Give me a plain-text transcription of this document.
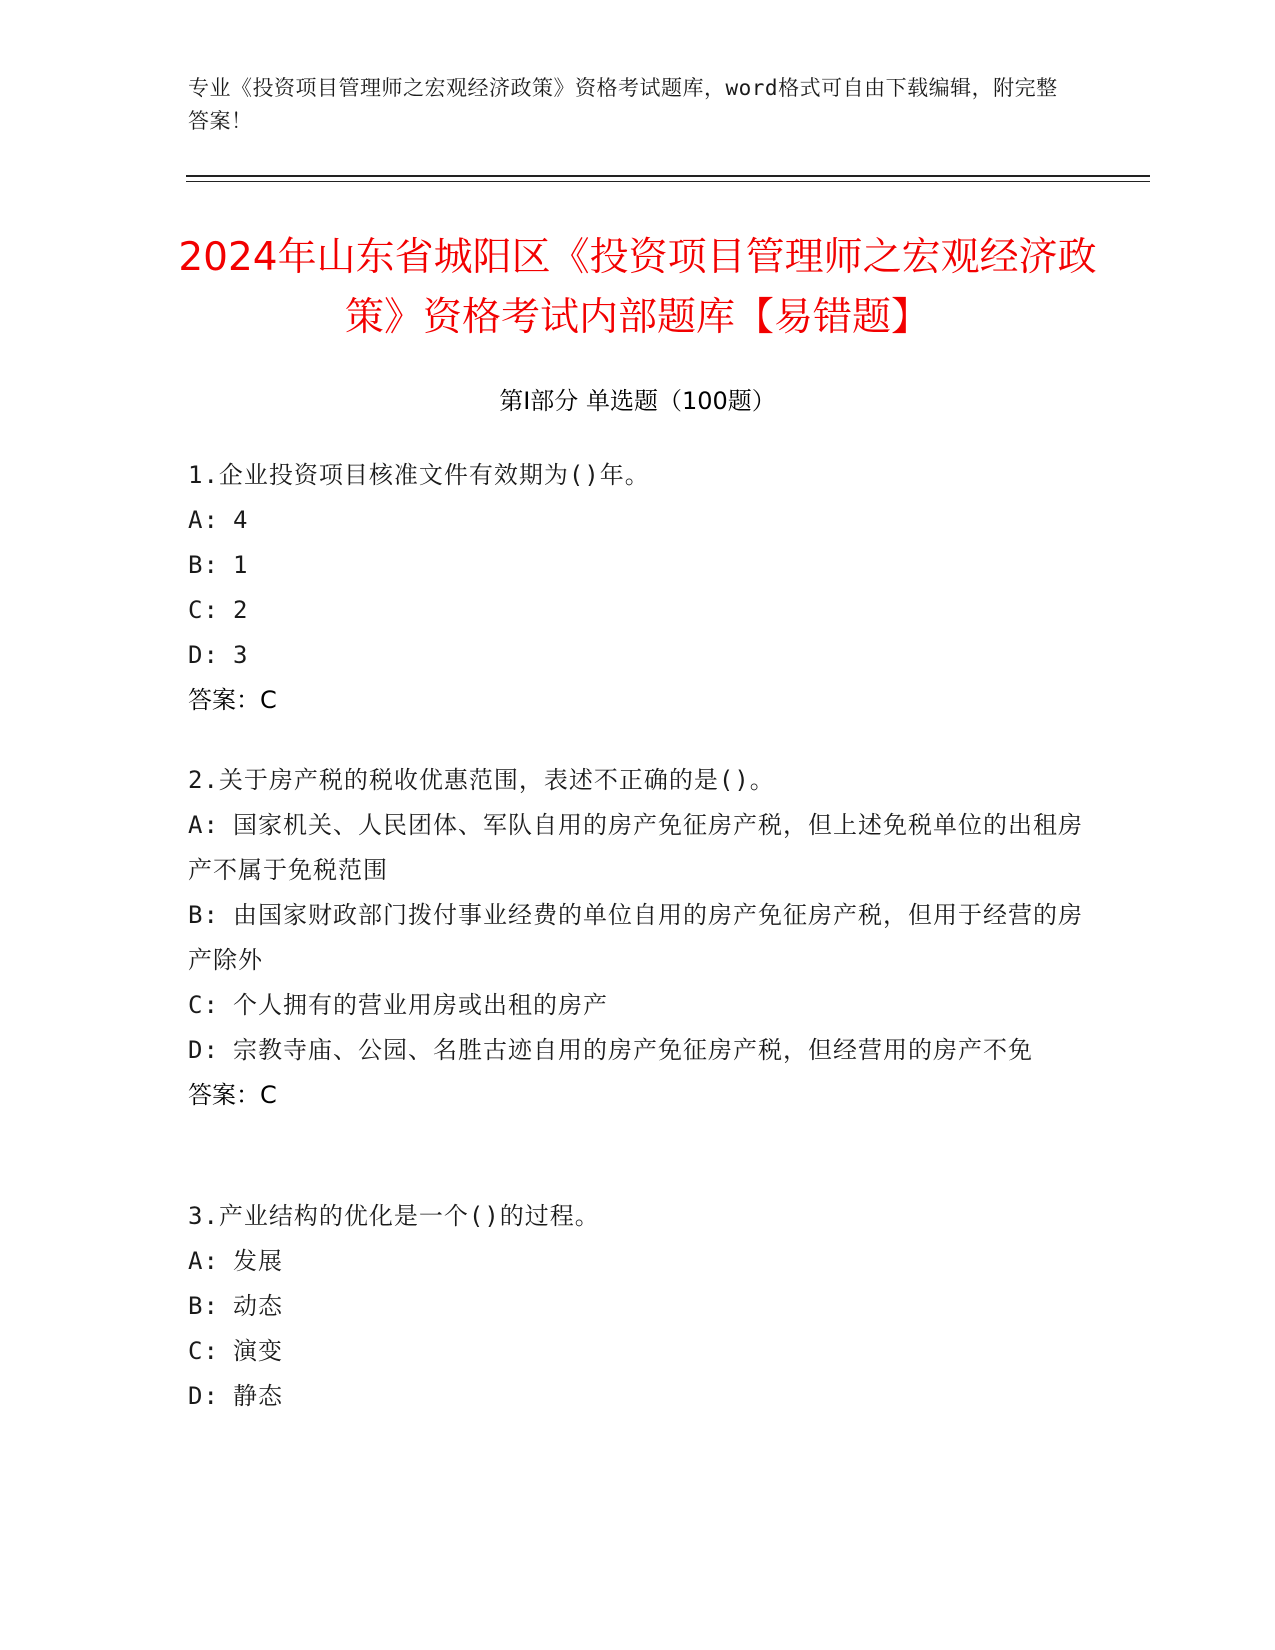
专业《投资项目管理师之宏观经济政策》资格考试题库，word格式可自由下载编辑，附完整答案！
2024年山东省城阳区《投资项目管理师之宏观经济政策》资格考试内部题库【易错题】
第I部分 单选题（100题）
1.企业投资项目核准文件有效期为()年。
A: 4
B: 1
C: 2
D: 3
答案：C
2.关于房产税的税收优惠范围，表述不正确的是()。
A: 国家机关、人民团体、军队自用的房产免征房产税，但上述免税单位的出租房产不属于免税范围
B: 由国家财政部门拨付事业经费的单位自用的房产免征房产税，但用于经营的房产除外
C: 个人拥有的营业用房或出租的房产
D: 宗教寺庙、公园、名胜古迹自用的房产免征房产税，但经营用的房产不免
答案：C
3.产业结构的优化是一个()的过程。
A: 发展
B: 动态
C: 演变
D: 静态
